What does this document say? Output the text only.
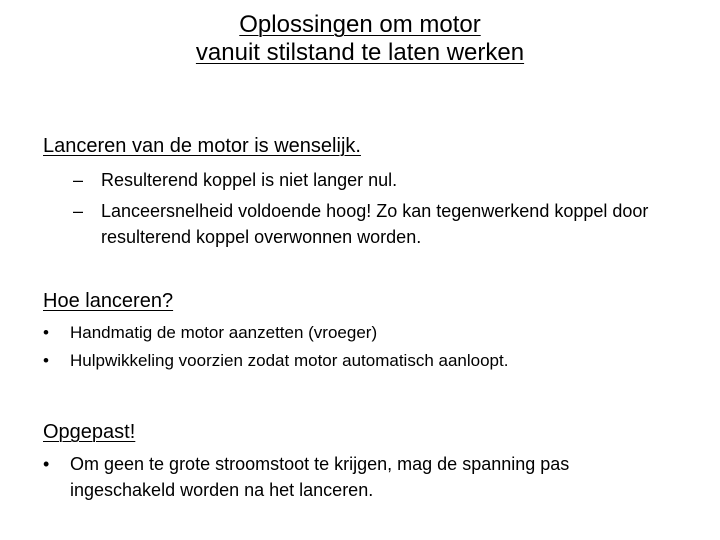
Oplossingen om motor
vanuit stilstand te laten werken
Lanceren van de motor is wenselijk.
– Resulterend koppel is niet langer nul.
– Lanceersnelheid voldoende hoog! Zo kan tegenwerkend koppel door resulterend koppel overwonnen worden.
Hoe lanceren?
•	Handmatig de motor aanzetten (vroeger)
•	Hulpwikkeling voorzien zodat motor automatisch aanloopt.
Opgepast!
•	Om geen te grote stroomstoot te krijgen, mag de spanning pas ingeschakeld worden na het lanceren.
